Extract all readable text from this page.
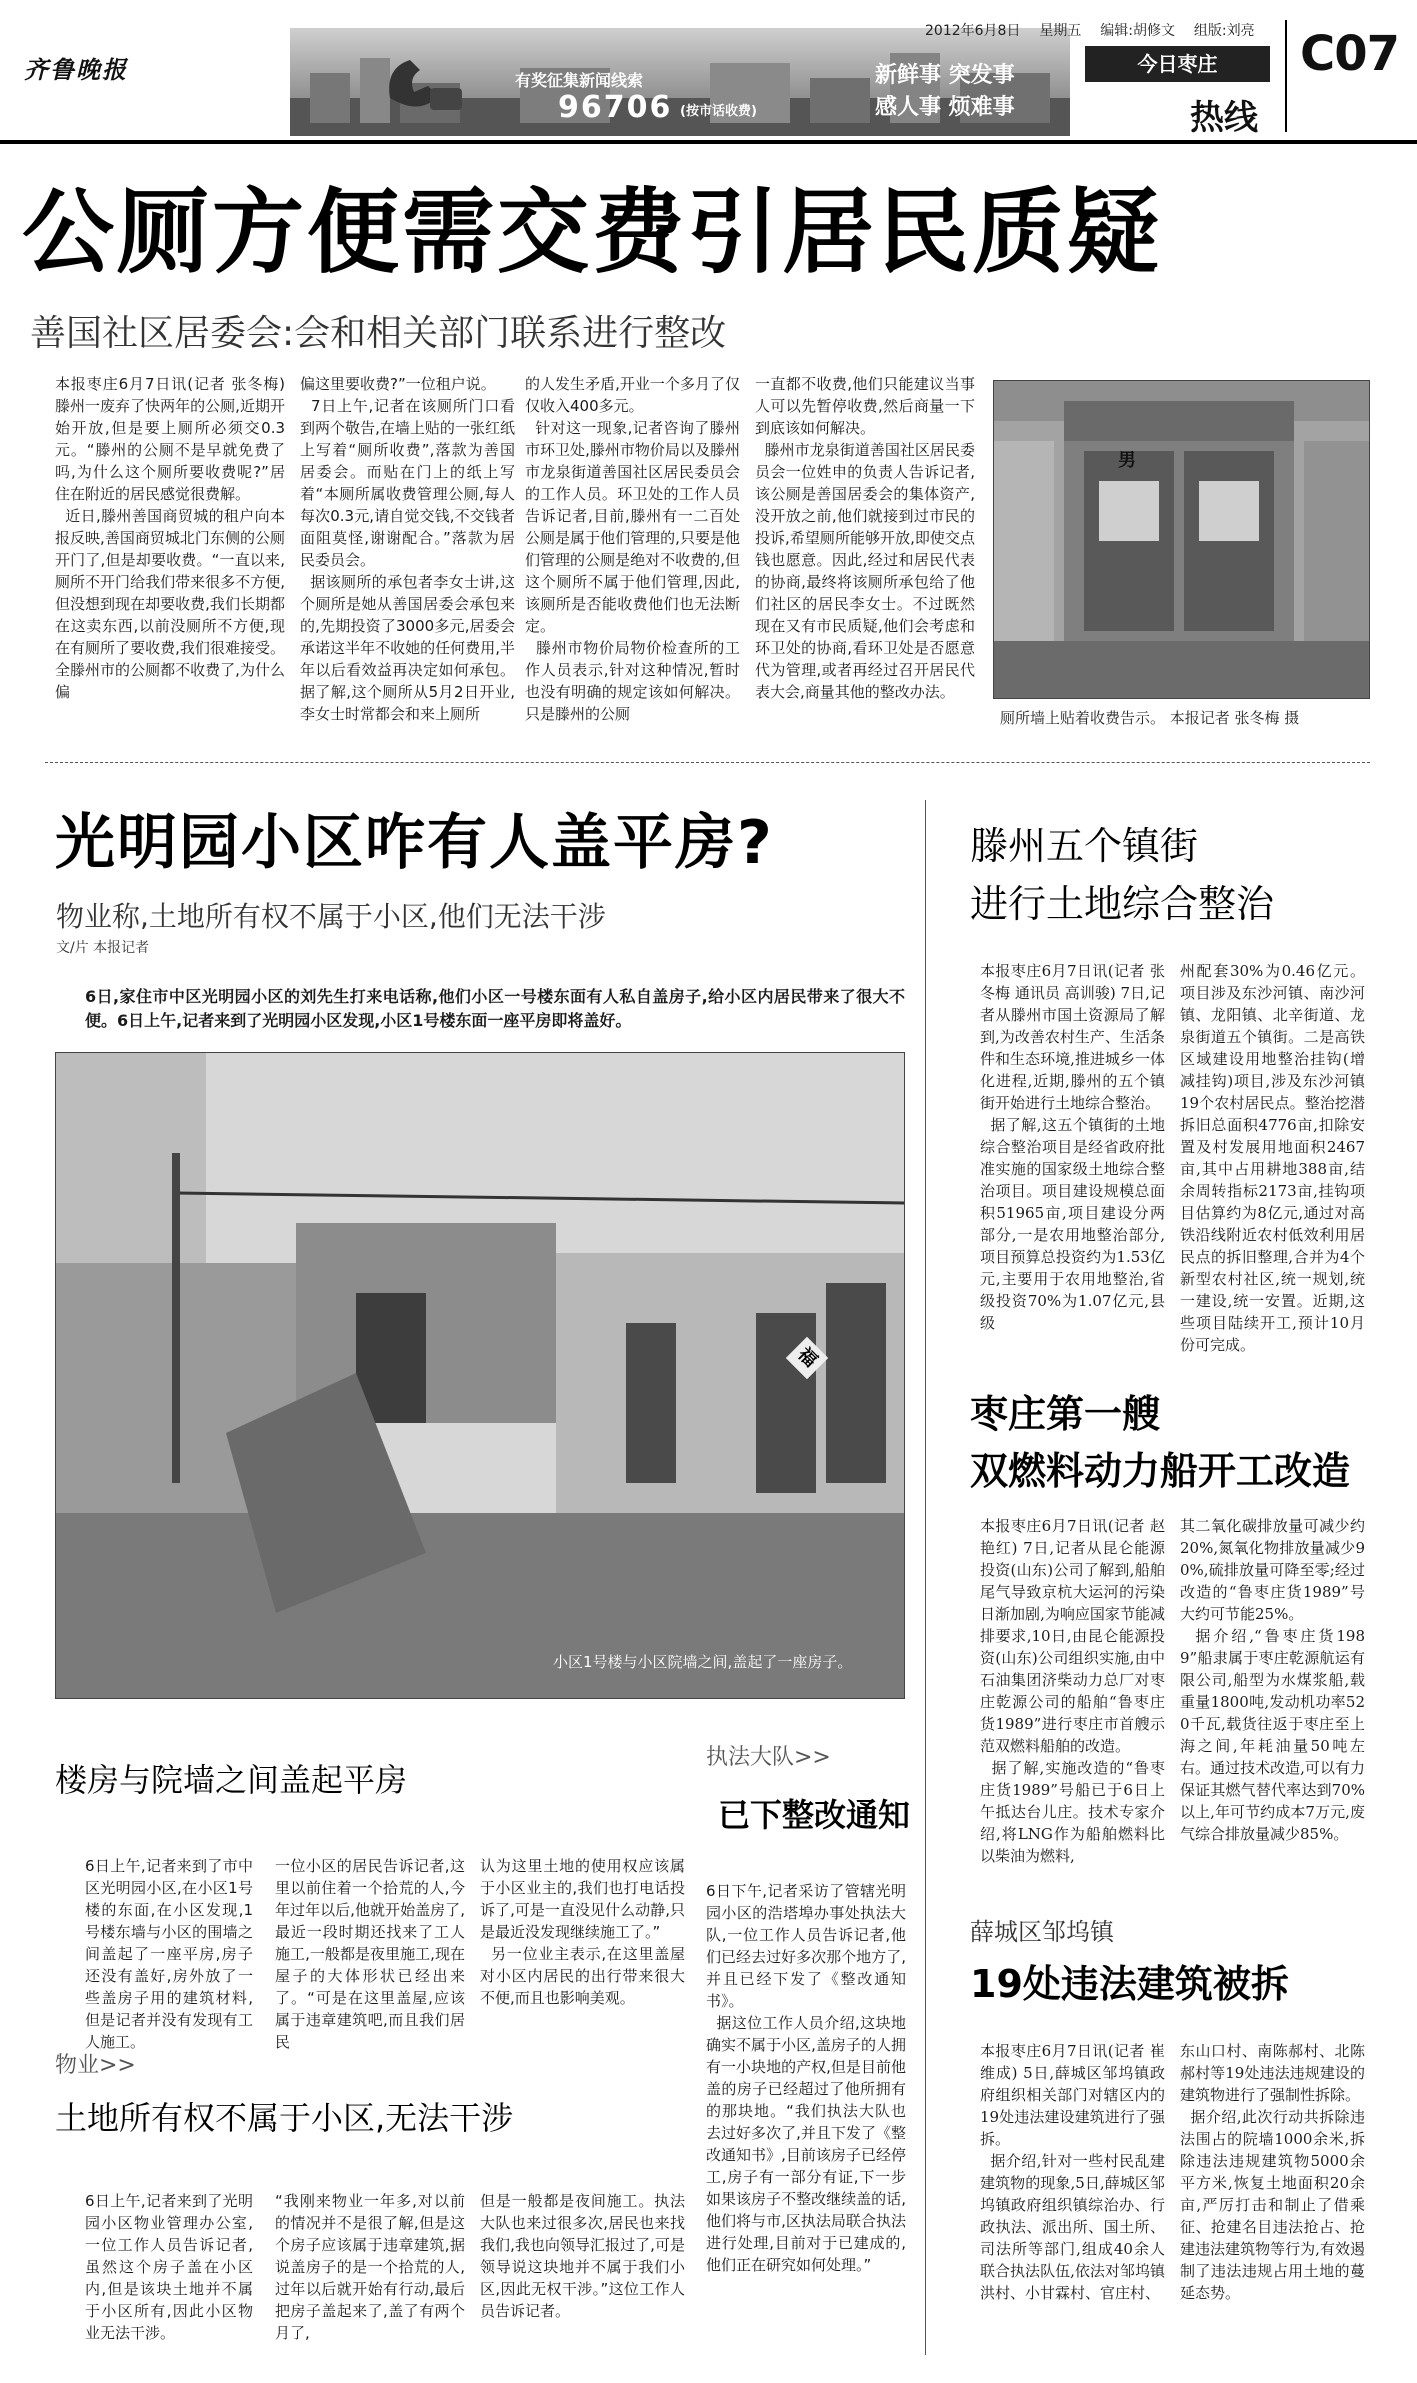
齐鲁晚报	有奖征集新闻线索
96706 (按市话收费)
新鲜事 突发事
感人事 烦难事
2012年6月8日 星期五 编辑:胡修文 组版:刘亮
今日枣庄
热线
C07
公厕方便需交费引居民质疑
善国社区居委会:会和相关部门联系进行整改
本报枣庄6月7日讯(记者 张冬梅) 滕州一废弃了快两年的公厕,近期开始开放,但是要上厕所必须交0.3元。“滕州的公厕不是早就免费了吗,为什么这个厕所要收费呢?”居住在附近的居民感觉很费解。
近日,滕州善国商贸城的租户向本报反映,善国商贸城北门东侧的公厕开门了,但是却要收费。“一直以来,厕所不开门给我们带来很多不方便,但没想到现在却要收费,我们长期都在这卖东西,以前没厕所不方便,现在有厕所了要收费,我们很难接受。全滕州市的公厕都不收费了,为什么偏
偏这里要收费?”一位租户说。
7日上午,记者在该厕所门口看到两个敬告,在墙上贴的一张红纸上写着“厕所收费”,落款为善国居委会。而贴在门上的纸上写着“本厕所属收费管理公厕,每人每次0.3元,请自觉交钱,不交钱者面阻莫怪,谢谢配合。”落款为居民委员会。
据该厕所的承包者李女士讲,这个厕所是她从善国居委会承包来的,先期投资了3000多元,居委会承诺这半年不收她的任何费用,半年以后看效益再决定如何承包。据了解,这个厕所从5月2日开业,李女士时常都会和来上厕所
的人发生矛盾,开业一个多月了仅仅收入400多元。
针对这一现象,记者咨询了滕州市环卫处,滕州市物价局以及滕州市龙泉街道善国社区居民委员会的工作人员。环卫处的工作人员告诉记者,目前,滕州有一二百处公厕是属于他们管理的,只要是他们管理的公厕是绝对不收费的,但这个厕所不属于他们管理,因此,该厕所是否能收费他们也无法断定。
滕州市物价局物价检查所的工作人员表示,针对这种情况,暂时也没有明确的规定该如何解决。只是滕州的公厕
一直都不收费,他们只能建议当事人可以先暂停收费,然后商量一下到底该如何解决。
滕州市龙泉街道善国社区居民委员会一位姓申的负责人告诉记者,该公厕是善国居委会的集体资产,没开放之前,他们就接到过市民的投诉,希望厕所能够开放,即使交点钱也愿意。因此,经过和居民代表的协商,最终将该厕所承包给了他们社区的居民李女士。不过既然现在又有市民质疑,他们会考虑和环卫处的协商,看环卫处是否愿意代为管理,或者再经过召开居民代表大会,商量其他的整改办法。
男
厕所墙上贴着收费告示。 本报记者 张冬梅 摄
光明园小区咋有人盖平房?
物业称,土地所有权不属于小区,他们无法干涉
文/片 本报记者
6日,家住市中区光明园小区的刘先生打来电话称,他们小区一号楼东面有人私自盖房子,给小区内居民带来了很大不便。6日上午,记者来到了光明园小区发现,小区1号楼东面一座平房即将盖好。
福
小区1号楼与小区院墙之间,盖起了一座房子。
楼房与院墙之间盖起平房
6日上午,记者来到了市中区光明园小区,在小区1号楼的东面,在小区发现,1号楼东墙与小区的围墙之间盖起了一座平房,房子还没有盖好,房外放了一些盖房子用的建筑材料,但是记者并没有发现有工人施工。
一位小区的居民告诉记者,这里以前住着一个拾荒的人,今年过年以后,他就开始盖房了,最近一段时期还找来了工人施工,一般都是夜里施工,现在屋子的大体形状已经出来了。“可是在这里盖屋,应该属于违章建筑吧,而且我们居民
认为这里土地的使用权应该属于小区业主的,我们也打电话投诉了,可是一直没见什么动静,只是最近没发现继续施工了。”
另一位业主表示,在这里盖屋对小区内居民的出行带来很大不便,而且也影响美观。
物业>>
土地所有权不属于小区,无法干涉
6日上午,记者来到了光明园小区物业管理办公室,一位工作人员告诉记者,虽然这个房子盖在小区内,但是该块土地并不属于小区所有,因此小区物业无法干涉。
“我刚来物业一年多,对以前的情况并不是很了解,但是这个房子应该属于违章建筑,据说盖房子的是一个拾荒的人,过年以后就开始有行动,最后把房子盖起来了,盖了有两个月了,
但是一般都是夜间施工。执法大队也来过很多次,居民也来找我们,我也向领导汇报过了,可是领导说这块地并不属于我们小区,因此无权干涉。”这位工作人员告诉记者。
执法大队>>
已下整改通知
6日下午,记者采访了管辖光明园小区的浩塔埠办事处执法大队,一位工作人员告诉记者,他们已经去过好多次那个地方了,并且已经下发了《整改通知书》。
据这位工作人员介绍,这块地确实不属于小区,盖房子的人拥有一小块地的产权,但是目前他盖的房子已经超过了他所拥有的那块地。“我们执法大队也去过好多次了,并且下发了《整改通知书》,目前该房子已经停工,房子有一部分有证,下一步如果该房子不整改继续盖的话,他们将与市,区执法局联合执法进行处理,目前对于已建成的,他们正在研究如何处理。”
滕州五个镇街
进行土地综合整治
本报枣庄6月7日讯(记者 张冬梅 通讯员 高训骏) 7日,记者从滕州市国土资源局了解到,为改善农村生产、生活条件和生态环境,推进城乡一体化进程,近期,滕州的五个镇街开始进行土地综合整治。
据了解,这五个镇街的土地综合整治项目是经省政府批准实施的国家级土地综合整治项目。项目建设规模总面积51965亩,项目建设分两部分,一是农用地整治部分,项目预算总投资约为1.53亿元,主要用于农用地整治,省级投资70%为1.07亿元,县级
州配套30%为0.46亿元。项目涉及东沙河镇、南沙河镇、龙阳镇、北辛街道、龙泉街道五个镇街。二是高铁区域建设用地整治挂钩(增减挂钩)项目,涉及东沙河镇19个农村居民点。整治挖潜拆旧总面积4776亩,扣除安置及村发展用地面积2467亩,其中占用耕地388亩,结余周转指标2173亩,挂钩项目估算约为8亿元,通过对高铁沿线附近农村低效利用居民点的拆旧整理,合并为4个新型农村社区,统一规划,统一建设,统一安置。近期,这些项目陆续开工,预计10月份可完成。
枣庄第一艘
双燃料动力船开工改造
本报枣庄6月7日讯(记者 赵艳红) 7日,记者从昆仑能源投资(山东)公司了解到,船舶尾气导致京杭大运河的污染日渐加剧,为响应国家节能减排要求,10日,由昆仑能源投资(山东)公司组织实施,由中石油集团济柴动力总厂对枣庄乾源公司的船舶“鲁枣庄货1989”进行枣庄市首艘示范双燃料船舶的改造。
据了解,实施改造的“鲁枣庄货1989”号船已于6日上午抵达台儿庄。技术专家介绍,将LNG作为船舶燃料比以柴油为燃料,
其二氧化碳排放量可减少约20%,氮氧化物排放量减少90%,硫排放量可降至零;经过改造的“鲁枣庄货1989”号大约可节能25%。
据介绍,“鲁枣庄货1989”船隶属于枣庄乾源航运有限公司,船型为水煤浆船,载重量1800吨,发动机功率520千瓦,载货往返于枣庄至上海之间,年耗油量50吨左右。通过技术改造,可以有力保证其燃气替代率达到70%以上,年可节约成本7万元,废气综合排放量减少85%。
薛城区邹坞镇
19处违法建筑被拆
本报枣庄6月7日讯(记者 崔维成) 5日,薛城区邹坞镇政府组织相关部门对辖区内的19处违法建设建筑进行了强拆。
据介绍,针对一些村民乱建建筑物的现象,5日,薛城区邹坞镇政府组织镇综治办、行政执法、派出所、国土所、司法所等部门,组成40余人联合执法队伍,依法对邹坞镇洪村、小甘霖村、官庄村、
东山口村、南陈郝村、北陈郝村等19处违法违规建设的建筑物进行了强制性拆除。
据介绍,此次行动共拆除违法围占的院墙1000余米,拆除违法违规建筑物5000余平方米,恢复土地面积20余亩,严厉打击和制止了借乘征、抢建名目违法抢占、抢建违法建筑物等行为,有效遏制了违法违规占用土地的蔓延态势。
